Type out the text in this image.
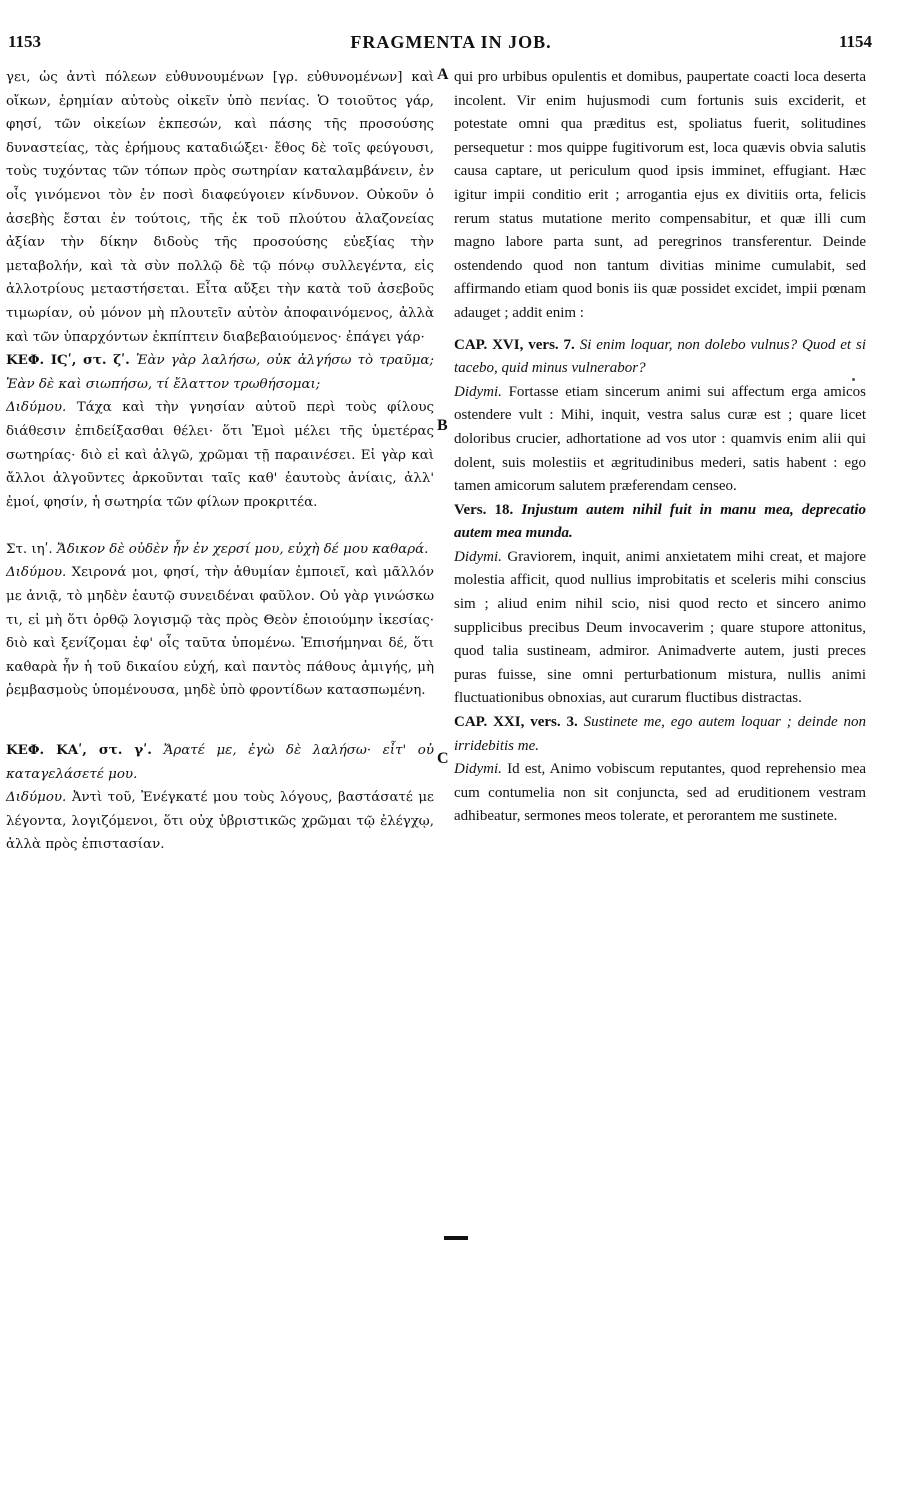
1153	FRAGMENTA IN JOB.	1154
A
B
C

γει, ὡς ἀντὶ πόλεων εὐθυνουμένων [γρ. εὐθυνομένων] καὶ οἴκων, ἐρημίαν αὐτοὺς οἰκεῖν ὑπὸ πενίας. Ὁ τοιοῦτος γάρ, φησί, τῶν οἰκείων ἐκπεσών, καὶ πάσης τῆς προσούσης δυναστείας, τὰς ἐρήμους καταδιώξει· ἔθος δὲ τοῖς φεύγουσι, τοὺς τυχόντας τῶν τόπων πρὸς σωτηρίαν καταλαμβάνειν, ἐν οἷς γινόμενοι τὸν ἐν ποσὶ διαφεύγοιεν κίνδυνον. Οὐκοῦν ὁ ἀσεβὴς ἔσται ἐν τούτοις, τῆς ἐκ τοῦ πλούτου ἀλαζονείας ἀξίαν τὴν δίκην διδοὺς τῆς προσούσης εὐεξίας τὴν μεταβολήν, καὶ τὰ σὺν πολλῷ δὲ τῷ πόνῳ συλλεγέντα, εἰς ἀλλοτρίους μεταστήσεται. Εἶτα αὔξει τὴν κατὰ τοῦ ἀσεβοῦς τιμωρίαν, οὐ μόνον μὴ πλουτεῖν αὐτὸν ἀποφαινόμενος, ἀλλὰ καὶ τῶν ὑπαρχόντων ἐκπίπτειν διαβεβαιούμενος· ἐπάγει γάρ·

ΚΕΦ. ΙϚʹ, στ. ζʹ. Ἐὰν γὰρ λαλήσω, οὐκ ἀλγήσω τὸ τραῦμα; Ἐὰν δὲ καὶ σιωπήσω, τί ἔλαττον τρωθήσομαι;

Διδύμου. Τάχα καὶ τὴν γνησίαν αὐτοῦ περὶ τοὺς φίλους διάθεσιν ἐπιδείξασθαι θέλει· ὅτι Ἐμοὶ μέλει τῆς ὑμετέρας σωτηρίας· διὸ εἰ καὶ ἀλγῶ, χρῶμαι τῇ παραινέσει. Εἰ γὰρ καὶ ἄλλοι ἀλγοῦντες ἀρκοῦνται ταῖς καθ' ἑαυτοὺς ἀνίαις, ἀλλ' ἐμοί, φησίν, ἡ σωτηρία τῶν φίλων προκριτέα.

Στ. ιηʹ. Ἄδικον δὲ οὐδὲν ἦν ἐν χερσί μου, εὐχὴ δέ μου καθαρά.

Διδύμου. Χειρονά μοι, φησί, τὴν ἀθυμίαν ἐμποιεῖ, καὶ μᾶλλόν με ἀνιᾷ, τὸ μηδὲν ἑαυτῷ συνειδέναι φαῦλον. Οὐ γὰρ γινώσκω τι, εἰ μὴ ὅτι ὀρθῷ λογισμῷ τὰς πρὸς Θεὸν ἐποιούμην ἱκεσίας· διὸ καὶ ξενίζομαι ἐφ' οἷς ταῦτα ὑπομένω. Ἐπισήμηναι δέ, ὅτι καθαρὰ ἦν ἡ τοῦ δικαίου εὐχή, καὶ παντὸς πάθους ἀμιγής, μὴ ῥεμβασμοὺς ὑπομένουσα, μηδὲ ὑπὸ φροντίδων κατασπωμένη.

ΚΕΦ. ΚΑʹ, στ. γʹ. Ἄρατέ με, ἐγὼ δὲ λαλήσω· εἶτ' οὐ καταγελάσετέ μου.

Διδύμου. Ἀντὶ τοῦ, Ἐνέγκατέ μου τοὺς λόγους, βαστάσατέ με λέγοντα, λογιζόμενοι, ὅτι οὐχ ὑβριστικῶς χρῶμαι τῷ ἐλέγχῳ, ἀλλὰ πρὸς ἐπιστασίαν.

qui pro urbibus opulentis et domibus, paupertate coacti loca deserta incolent. Vir enim hujusmodi cum fortunis suis exciderit, et potestate omni qua præditus est, spoliatus fuerit, solitudines persequetur : mos quippe fugitivorum est, loca quævis obvia salutis causa captare, ut periculum quod ipsis imminet, effugiant. Hæc igitur impii conditio erit ; arrogantia ejus ex divitiis orta, felicis rerum status mutatione merito compensabitur, et quæ illi cum magno labore parta sunt, ad peregrinos transferentur. Deinde ostendendo quod non tantum divitias minime cumulabit, sed affirmando etiam quod bonis iis quæ possidet excidet, impii pœnam adauget ; addit enim :

CAP. XVI, vers. 7. Si enim loquar, non dolebo vulnus? Quod et si tacebo, quid minus vulnerabor?

Didymi. Fortasse etiam sincerum animi sui affectum erga amicos ostendere vult : Mihi, inquit, vestra salus curæ est ; quare licet doloribus crucier, adhortatione ad vos utor : quamvis enim alii qui dolent, suis molestiis et ægritudinibus mederi, satis habent : ego tamen amicorum salutem præferendam censeo.

Vers. 18. Injustum autem nihil fuit in manu mea, deprecatio autem mea munda.

Didymi. Graviorem, inquit, animi anxietatem mihi creat, et majore molestia afficit, quod nullius improbitatis et sceleris mihi conscius sim ; aliud enim nihil scio, nisi quod recto et sincero animo supplicibus precibus Deum invocaverim ; quare stupore attonitus, quod talia sustineam, admiror. Animadverte autem, justi preces puras fuisse, sine omni perturbationum mistura, nullis animi fluctuationibus obnoxias, aut curarum fluctibus distractas.

CAP. XXI, vers. 3. Sustinete me, ego autem loquar ; deinde non irridebitis me.

Didymi. Id est, Animo vobiscum reputantes, quod reprehensio mea cum contumelia non sit conjuncta, sed ad eruditionem vestram adhibeatur, sermones meos tolerate, et perorantem me sustinete.
